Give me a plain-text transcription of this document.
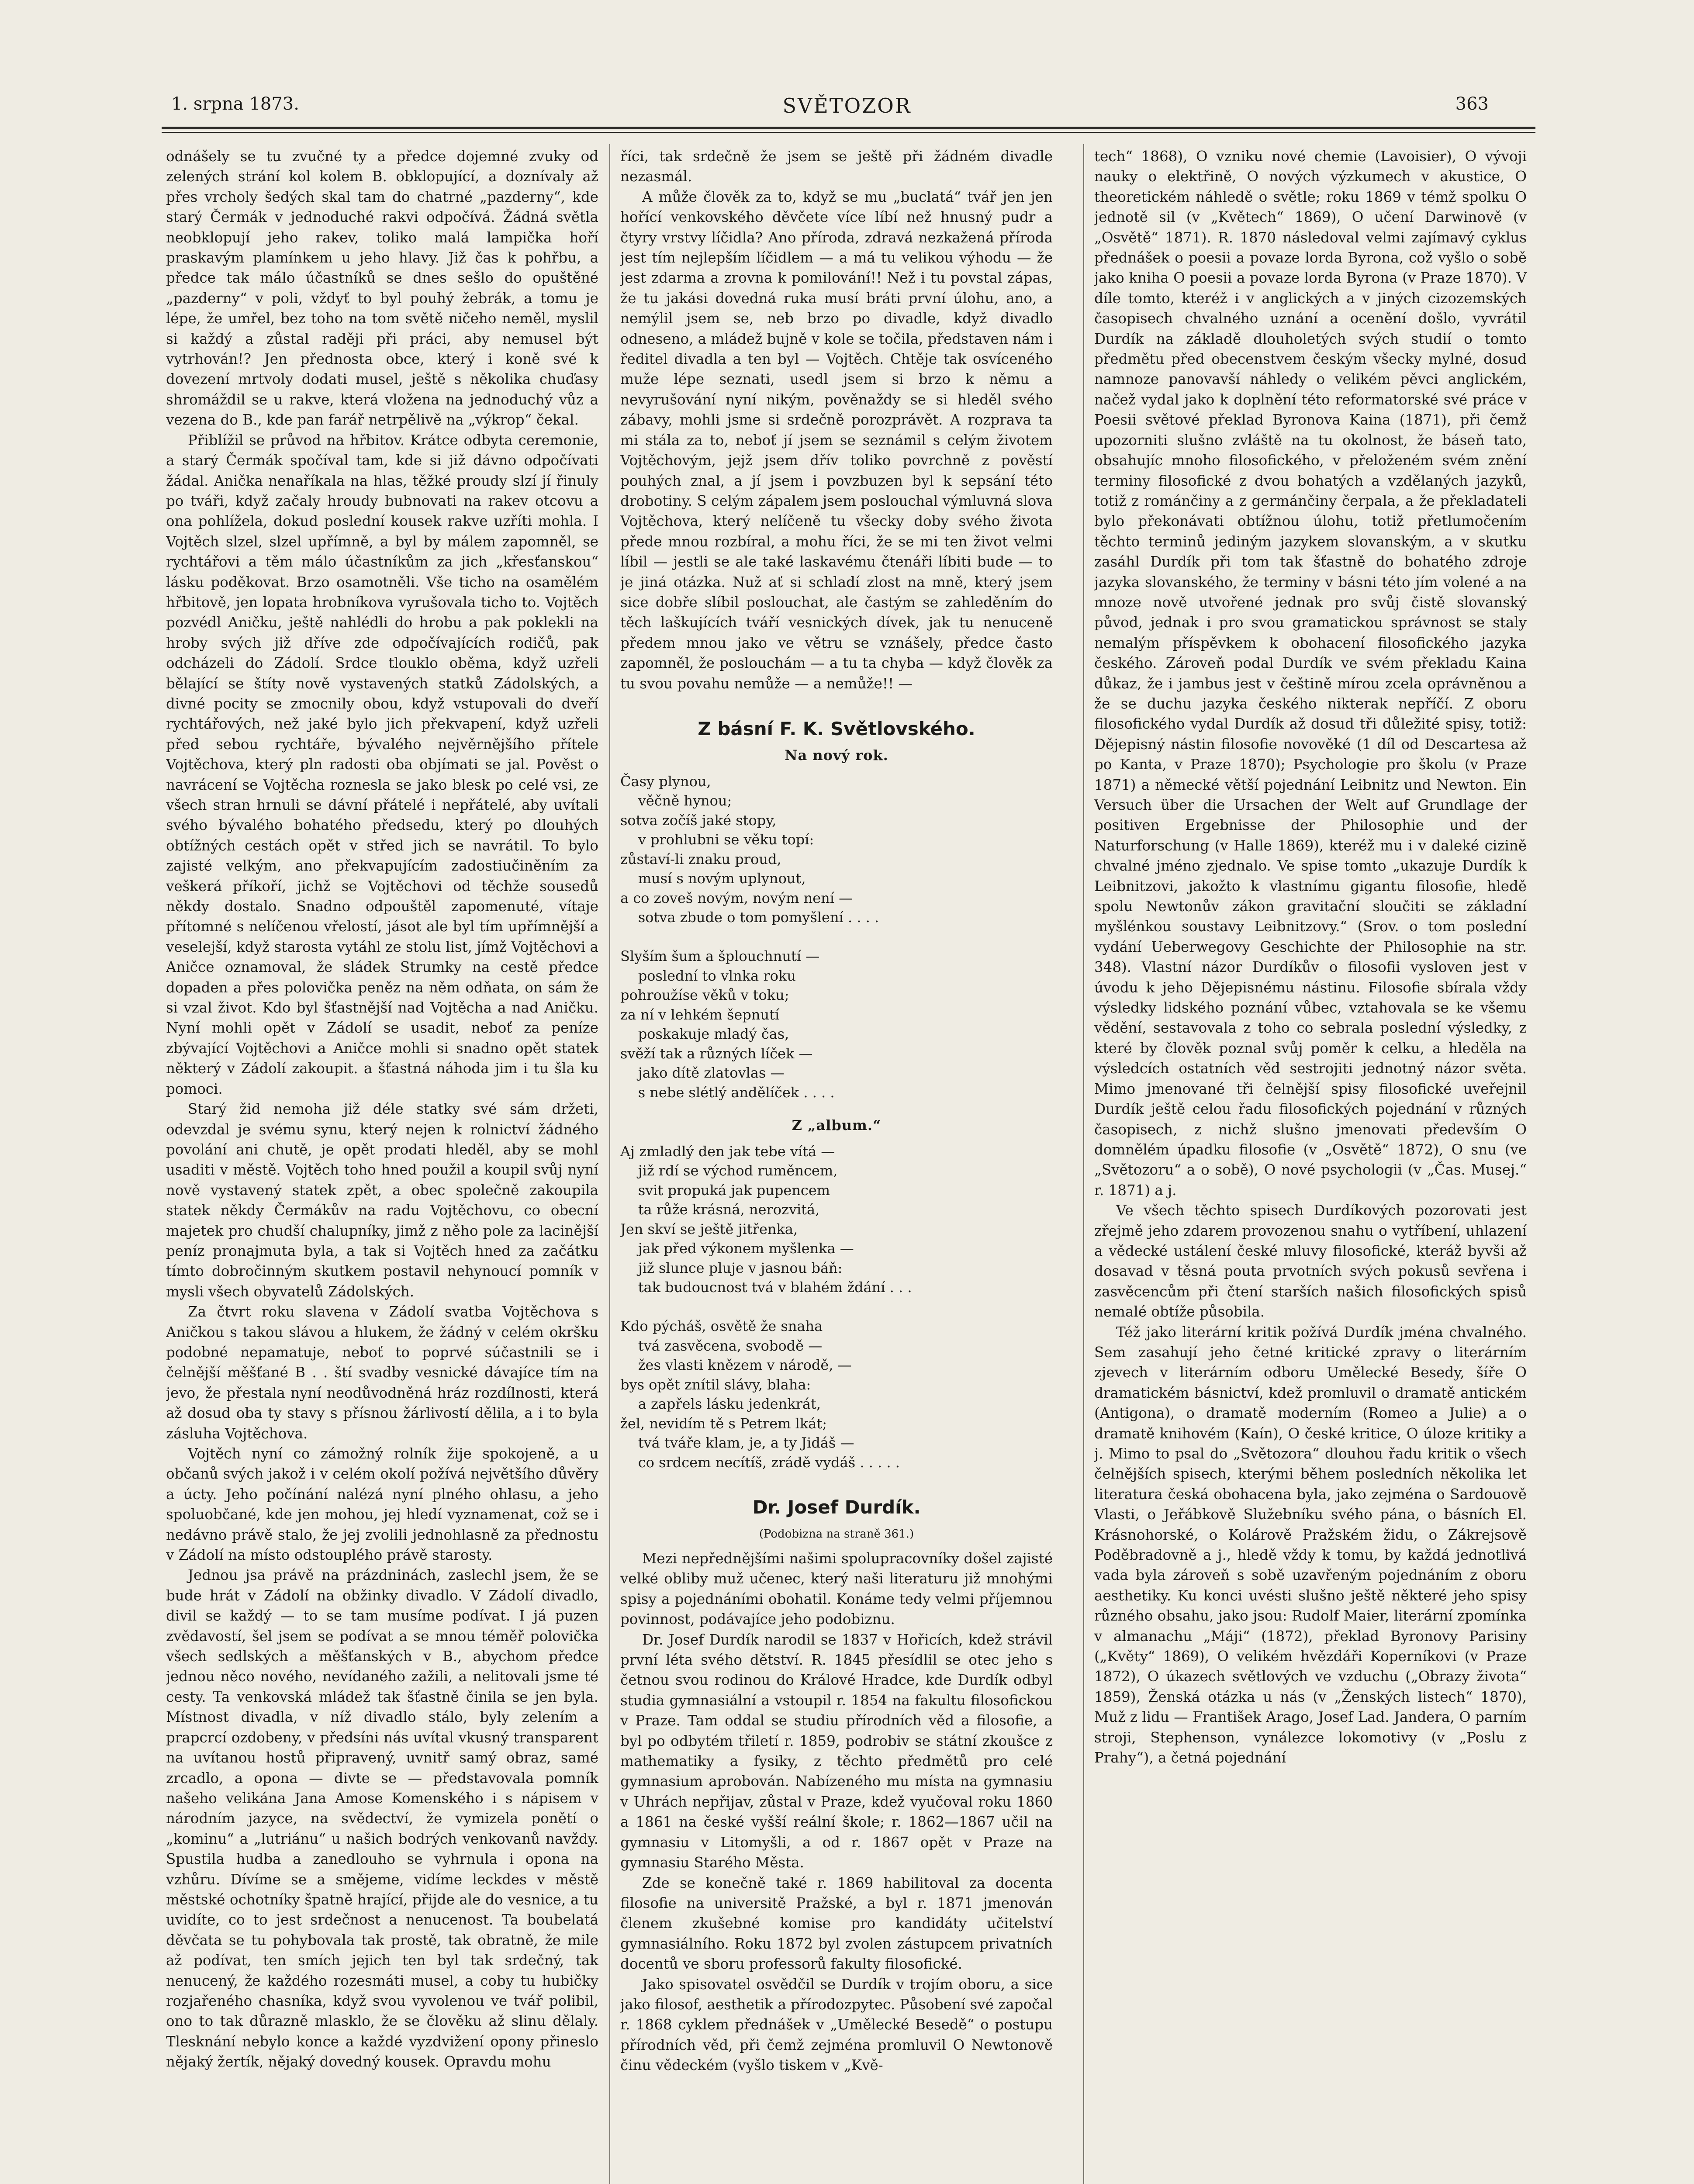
1. srpna 1873.	SVĚTOZOR	363

odnášely se tu zvučné ty a předce dojemné zvuky od zelených strání kol kolem B. obklopující, a doznívaly až přes vrcholy šedých skal tam do chatrné „pazderny“, kde starý Čermák v jednoduché rakvi odpočívá. Žádná světla neobklopují jeho rakev, toliko malá lampička hoří praskavým plamínkem u jeho hlavy. Již čas k pohřbu, a předce tak málo účastníků se dnes sešlo do opuštěné „pazderny“ v poli, vždyť to byl pouhý žebrák, a tomu je lépe, že umřel, bez toho na tom světě ničeho neměl, myslil si každý a zůstal raději při práci, aby nemusel být vytrhován!? Jen přednosta obce, který i koně své k dovezení mrtvoly dodati musel, ještě s několika chuďasy shromáždil se u rakve, která vložena na jednoduchý vůz a vezena do B., kde pan farář netrpělivě na „výkrop“ čekal.

Přiblížil se průvod na hřbitov. Krátce odbyta ceremonie, a starý Čermák spočíval tam, kde si již dávno odpočívati žádal. Aničkа nenaříkala na hlas, těžké proudy slzí jí řinuly po tváři, když začaly hroudy bubnovati na rakev otcovu a ona pohlížela, dokud poslední kousek rakve uzříti mohla. I Vojtěch slzel, slzel upřímně, a byl by málem zapomněl, se rychtářovi a těm málo účastníkům za jich „křesťanskou“ lásku poděkovat. Brzo osamotněli. Vše ticho na osamělém hřbitově, jen lopata hrobníkova vyrušovala ticho to. Vojtěch pozvédl Aničku, ještě nahlédli do hrobu a pak poklekli na hroby svých již dříve zde odpočívajících rodičů, pak odcházeli do Zádolí. Srdce tlouklo oběma, když uzřeli bělající se štíty nově vystavených statků Zádolských, a divné pocity se zmocnily obou, když vstupovali do dveří rychtářových, než jaké bylo jich překvapení, když uzřeli před sebou rychtáře, bývalého nejvěrnějšího přítele Vojtěchova, který pln radosti oba objímati se jal. Pověst o navrácení se Vojtěcha roznesla se jako blesk po celé vsi, ze všech stran hrnuli se dávní přátelé i nepřátelé, aby uvítali svého bývalého bohatého předsedu, který po dlouhých obtížných cestách opět v střed jich se navrátil. To bylo zajisté velkým, ano překvapujícím zadostiučiněním za veškerá příkoří, jichž se Vojtěchovi od těchže sousedů někdy dostalo. Snadno odpouštěl zapomenuté, vítaje přítomné s nelíčenou vřelostí, jásot ale byl tím upřímnější a veselejší, když starosta vytáhl ze stolu list, jímž Vojtěchovi a Aničce oznamoval, že sládek Strumky na cestě předce dopaden a přes polovička peněz na něm odňata, on sám že si vzal život. Kdo byl šťastnější nad Vojtěcha a nad Aničku. Nyní mohli opět v Zádolí se usadit, neboť za peníze zbývající Vojtěchovi a Aničce mohli si snadno opět statek některý v Zádolí zakoupit. a šťastná náhoda jim i tu šla ku pomoci.

Starý žid nemoha již déle statky své sám držeti, odevzdal je svému synu, který nejen k rolnictví žádného povolání ani chutě, je opět prodati hleděl, aby se mohl usaditi v městě. Vojtěch toho hned použil a koupil svůj nyní nově vystavený statek zpět, a obec společně zakoupila statek někdy Čermákův na radu Vojtěchovu, co obecní majetek pro chudší chalupníky, jimž z něho pole za lacinější peníz pronajmuta byla, a tak si Vojtěch hned za začátku tímto dobročinným skutkem postavil nehynoucí pomník v mysli všech obyvatelů Zádolských.

Za čtvrt roku slavena v Zádolí svatba Vojtěchova s Aničkou s takou slávou a hlukem, že žádný v celém okršku podobné nepamatuje, neboť to poprvé súčastnili se i čelnější měšťané B . . ští svadby vesnické dávajíce tím na jevo, že přestala nyní neodůvodněná hráz rozdílnosti, která až dosud oba ty stavy s přísnou žárlivostí dělila, a i to byla zásluha Vojtěchova.

Vojtěch nyní co zámožný rolník žije spokojeně, a u občanů svých jakož i v celém okolí požívá největšího důvěry a úcty. Jeho počínání nalézá nyní plného ohlasu, a jeho spoluobčané, kde jen mohou, jej hledí vyznamenat, což se i nedávno právě stalo, že jej zvolili jednohlasně za přednostu v Zádolí na místo odstouplého právě starosty.

Jednou jsa právě na prázdninách, zaslechl jsem, že se bude hrát v Zádolí na obžinky divadlo. V Zádolí divadlo, divil se každý — to se tam musíme podívat. I já puzen zvědavostí, šel jsem se podívat a se mnou téměř polovička všech sedlských a měšťanských v B., abychom předce jednou něco nového, nevídaného zažili, a nelitovali jsme té cesty. Ta venkovská mládež tak šťastně činila se jen byla. Místnost divadla, v níž divadlo stálo, byly zelením a prapcrcí ozdobeny, v předsíni nás uvítal vkusný transparent na uvítanou hostů připravený, uvnitř samý obraz, samé zrcadlo, a opona — divte se — představovala pomník našeho velikána Jana Amose Komenského i s nápisem v národním jazyce, na svědectví, že vymizela ponětí o „kominu“ a „lutriánu“ u našich bodrých venkovanů navždy. Spustila hudba a zanedlouho se vyhrnula i opona na vzhůru. Dívíme se a smějeme, vidíme leckdes v městě městské ochotníky špatně hrající, přijde ale do vesnice, a tu uvidíte, co to jest srdečnost a nenucenost. Ta boubelatá děvčata se tu pohybovala tak prostě, tak obratně, že mile až podívat, ten smích jejich ten byl tak srdečný, tak nenucený, že každého rozesmáti musel, a coby tu hubičky rozjařeného chasníka, když svou vyvolenou ve tvář polibil, ono to tak důrazně mlasklo, že se člověku až slinu dělaly. Tlesknání nebylo konce a každé vyzdvižení opony přineslo nějaký žertík, nějaký dovedný kousek. Opravdu mohu

říci, tak srdečně že jsem se ještě při žádném divadle nezasmál.

A může člověk za to, když se mu „buclatá“ tvář jen jen hořící venkovského děvčete více líbí než hnusný pudr a čtyry vrstvy líčidla? Ano příroda, zdravá nezkažená příroda jest tím nejlepším líčidlem — a má tu velikou výhodu — že jest zdarma a zrovna k pomilování!! Než i tu povstal zápas, že tu jakási dovedná ruka musí bráti první úlohu, ano, a nemýlil jsem se, neb brzo po divadle, když divadlo odneseno, a mládež bujně v kole se točila, představen nám i ředitel divadla a ten byl — Vojtěch. Chtěje tak osvíceného muže lépe seznati, usedl jsem si brzo k němu a nevyrušování nyní nikým, pověnaždy se si hleděl svého zábavy, mohli jsme si srdečně porozprávět. A rozprava ta mi stála za to, neboť jí jsem se seznámil s celým životem Vojtěchovým, jejž jsem dřív toliko povrchně z pověstí pouhých znal, a jí jsem i povzbuzen byl k sepsání této drobotiny. S celým zápalem jsem poslouchal výmluvná slova Vojtěchova, který nelíčeně tu všecky doby svého života přede mnou rozbíral, a mohu říci, že se mi ten život velmi líbil — jestli se ale také laskavému čtenáři líbiti bude — to je jiná otázka. Nuž ať si schladí zlost na mně, který jsem sice dobře slíbil poslouchat, ale častým se zahleděním do těch laškujících tváří vesnických dívek, jak tu nenuceně předem mnou jako ve větru se vznášely, předce často zapomněl, že poslouchám — a tu ta chyba — když člověk za tu svou povahu nemůže — a nemůže!! —

Z básní F. K. Světlovského.
Na nový rok.
Časy plynou,
věčně hynou;
sotva zočíš jaké stopy,
v prohlubni se věku topí:
zůstaví-li znaku proud,
musí s novým uplynout,
a co zoveš novým, novým není —
sotva zbude o tom pomyšlení . . . .

Slyším šum a šplouchnutí —
poslední to vlnka roku
pohroužíse věků v toku;
za ní v lehkém šepnutí
poskakuje mladý čas,
svěží tak a různých líček —
jako dítě zlatovlas —
s nebe slétlý andělíček . . . .
Z „album.“
Aj zmladlý den jak tebe vítá —
již rdí se východ ruměncem,
svit propuká jak pupencem
ta růže krásná, nerozvitá,
Jen skví se ještě jitřenka,
jak před výkonem myšlenka —
již slunce pluje v jasnou báň:
tak budoucnost tvá v blahém ždání . . .

Kdo pýcháš, osvětě že snaha
tvá zasvěcena, svobodě —
žes vlasti knězem v národě, —
bys opět znítil slávy, blaha:
a zapřels lásku jedenkrát,
žel, nevidím tě s Petrem lkát;
tvá tváře klam, je, a ty Jidáš —
co srdcem necítíš, zrádě vydáš . . . . .
Dr. Josef Durdík.
(Podobizna na straně 361.)

Mezi nepřednějšími našimi spolupracovníky došel zajisté velké obliby muž učenec, který naši literaturu již mnohými spisy a pojednáními obohatil. Konáme tedy velmi příjemnou povinnost, podávajíce jeho podobiznu.

Dr. Josef Durdík narodil se 1837 v Hořicích, kdež strávil první léta svého dětství. R. 1845 přesídlil se otec jeho s četnou svou rodinou do Králové Hradce, kde Durdík odbyl studia gymnasiální a vstoupil r. 1854 na fakultu filosofickou v Praze. Tam oddal se studiu přírodních věd a filosofie, a byl po odbytém třiletí r. 1859, podrobiv se státní zkoušce z mathematiky a fysiky, z těchto předmětů pro celé gymnasium aprobován. Nabízeného mu místa na gymnasiu v Uhrách nepřijav, zůstal v Praze, kdež vyučoval roku 1860 a 1861 na české vyšší reální škole; r. 1862—1867 učil na gymnasiu v Litomyšli, a od r. 1867 opět v Praze na gymnasiu Starého Města.

Zde se konečně také r. 1869 habilitoval za docenta filosofie na universitě Pražské, a byl r. 1871 jmenován členem zkušebné komise pro kandidáty učitelství gymnasiálního. Roku 1872 byl zvolen zástupcem privatních docentů ve sboru professorů fakulty filosofické.

Jako spisovatel osvědčil se Durdík v trojím oboru, a sice jako filosof, aesthetik a přírodozpytec. Působení své započal r. 1868 cyklem přednášek v „Umělecké Besedě“ o postupu přírodních věd, při čemž zejména promluvil O Newtonově činu vědeckém (vyšlo tiskem v „Kvě-

tech“ 1868), O vzniku nové chemie (Lavoisier), O vývoji nauky o elektřině, O nových výzkumech v akustice, O theoretickém náhledě o světle; roku 1869 v témž spolku O jednotě sil (v „Květech“ 1869), O učení Darwinově (v „Osvětě“ 1871). R. 1870 následoval velmi zajímavý cyklus přednášek o poesii a povaze lorda Byrona, což vyšlo o sobě jako kniha O poesii a povaze lorda Byrona (v Praze 1870). V díle tomto, kteréž i v anglických a v jiných cizozemských časopisech chvalného uznání a ocenění došlo, vyvrátil Durdík na základě dlouholetých svých studií o tomto předmětu před obecenstvem českým všecky mylné, dosud namnoze panovavší náhledy o velikém pěvci anglickém, načež vydal jako k doplnění této reformatorské své práce v Poesii světové překlad Byronova Kaina (1871), při čemž upozorniti slušno zvláště na tu okolnost, že báseň tato, obsahujíc mnoho filosofického, v přeloženém svém znění terminy filosofické z dvou bohatých a vzdělaných jazyků, totiž z románčiny a z germánčiny čerpala, a že překladateli bylo překonávati obtížnou úlohu, totiž přetlumočením těchto terminů jediným jazykem slovanským, a v skutku zasáhl Durdík při tom tak šťastně do bohatého zdroje jazyka slovanského, že terminy v básni této jím volené a na mnoze nově utvořené jednak pro svůj čistě slovanský původ, jednak i pro svou gramatickou správnost se staly nemalým příspěvkem k obohacení filosofického jazyka českého. Zároveň podal Durdík ve svém překladu Kaina důkaz, že i jambus jest v češtině mírou zcela oprávněnou a že se duchu jazyka českého nikterak nepříčí. Z oboru filosofického vydal Durdík až dosud tři důležité spisy, totiž: Dějepisný nástin filosofie novověké (1 díl od Descartesa až po Kanta, v Praze 1870); Psychologie pro školu (v Praze 1871) a německé větší pojednání Leibnitz und Newton. Ein Versuch über die Ursachen der Welt auf Grundlage der positiven Ergebnisse der Philosophie und der Naturforschung (v Halle 1869), kteréž mu i v daleké cizině chvalné jméno zjednalo. Ve spise tomto „ukazuje Durdík k Leibnitzovi, jakožto k vlastnímu gigantu filosofie, hledě spolu Newtonův zákon gravitační sloučiti se základní myšlénkou soustavy Leibnitzovy.“ (Srov. o tom poslední vydání Ueberwegovy Geschichte der Philosophie na str. 348). Vlastní názor Durdíkův o filosofii vysloven jest v úvodu k jeho Dějepisnému nástinu. Filosofie sbírala vždy výsledky lidského poznání vůbec, vztahovala se ke všemu vědění, sestavovala z toho co sebrala poslední výsledky, z které by člověk poznal svůj poměr k celku, a hleděla na výsledcích ostatních věd sestrojiti jednotný názor světa. Mimo jmenované tři čelnější spisy filosofické uveřejnil Durdík ještě celou řadu filosofických pojednání v různých časopisech, z nichž slušno jmenovati především O domnělém úpadku filosofie (v „Osvětě“ 1872), O snu (ve „Světozoru“ a o sobě), O nové psychologii (v „Čas. Musej.“ r. 1871) a j.

Ve všech těchto spisech Durdíkových pozorovati jest zřejmě jeho zdarem provozenou snahu o vytříbení, uhlazení a vědecké ustálení české mluvy filosofické, kteráž byvši až dosavad v těsná pouta prvotních svých pokusů sevřena i zasvěcencům při čtení starších našich filosofických spisů nemalé obtíže působila.

Též jako literární kritik požívá Durdík jména chvalného. Sem zasahují jeho četné kritické zpravy o literárním zjevech v literárním odboru Umělecké Besedy, šíře O dramatickém básnictví, kdež promluvil o dramatě antickém (Antigona), o dramatě moderním (Romeo a Julie) a o dramatě knihovém (Kaín), O české kritice, O úloze kritiky a j. Mimo to psal do „Světozora“ dlouhou řadu kritik o všech čelnějších spisech, kterými během posledních několika let literatura česká obohacena byla, jako zejména o Sardouově Vlasti, o Jeřábkově Služebníku svého pána, o básních El. Krásnohorské, o Kolárově Pražském židu, o Zákrejsově Poděbradovně a j., hledě vždy k tomu, by každá jednotlivá vada byla zároveň s sobě uzavřeným pojednáním z oboru aesthetiky. Ku konci uvésti slušno ještě některé jeho spisy různého obsahu, jako jsou: Rudolf Maier, literární zpomínka v almanachu „Máji“ (1872), překlad Byronovy Parisiny („Květy“ 1869), O velikém hvězdáři Koperníkovi (v Praze 1872), O úkazech světlových ve vzduchu („Obrazy života“ 1859), Ženská otázka u nás (v „Ženských listech“ 1870), Muž z lidu — František Arago, Josef Lad. Jandera, O parním stroji, Stephenson, vynálezce lokomotivy (v „Poslu z Prahy“), a četná pojednání
